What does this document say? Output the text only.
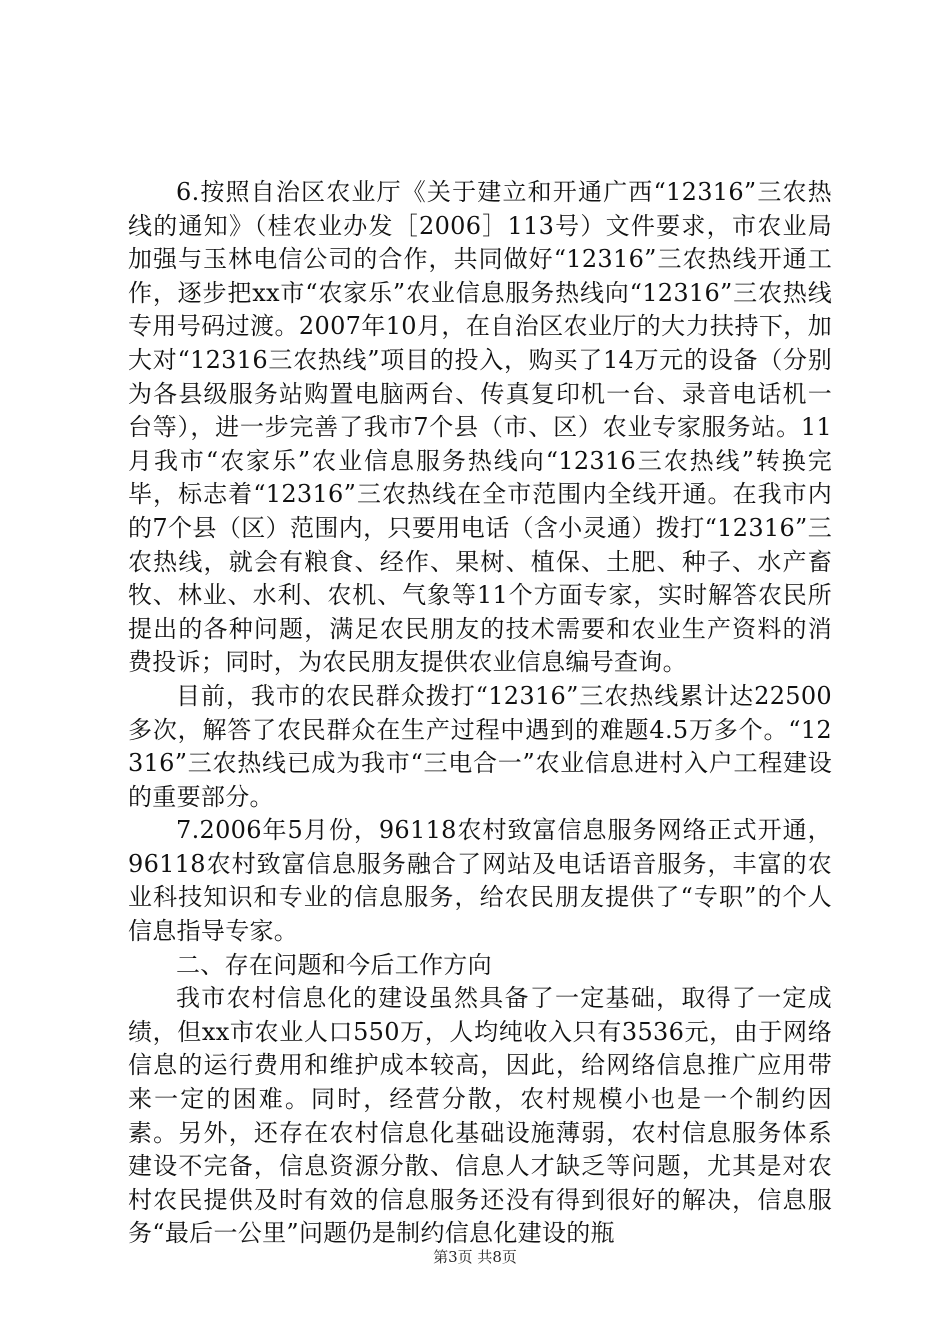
6.按照自治区农业厅《关于建立和开通广西“12316”三农热线的通知》（桂农业办发［2006］113号）文件要求，市农业局加强与玉林电信公司的合作，共同做好“12316”三农热线开通工作，逐步把xx市“农家乐”农业信息服务热线向“12316”三农热线专用号码过渡。2007年10月，在自治区农业厅的大力扶持下，加大对“12316三农热线”项目的投入，购买了14万元的设备（分别为各县级服务站购置电脑两台、传真复印机一台、录音电话机一台等），进一步完善了我市7个县（市、区）农业专家服务站。11月我市“农家乐”农业信息服务热线向“12316三农热线”转换完毕，标志着“12316”三农热线在全市范围内全线开通。在我市内的7个县（区）范围内，只要用电话（含小灵通）拨打“12316”三农热线，就会有粮食、经作、果树、植保、土肥、种子、水产畜牧、林业、水利、农机、气象等11个方面专家，实时解答农民所提出的各种问题，满足农民朋友的技术需要和农业生产资料的消费投诉；同时，为农民朋友提供农业信息编号查询。

目前，我市的农民群众拨打“12316”三农热线累计达22500多次，解答了农民群众在生产过程中遇到的难题4.5万多个。“12316”三农热线已成为我市“三电合一”农业信息进村入户工程建设的重要部分。

7.2006年5月份，96118农村致富信息服务网络正式开通，96118农村致富信息服务融合了网站及电话语音服务，丰富的农业科技知识和专业的信息服务，给农民朋友提供了“专职”的个人信息指导专家。

二、存在问题和今后工作方向

我市农村信息化的建设虽然具备了一定基础，取得了一定成绩，但xx市农业人口550万，人均纯收入只有3536元，由于网络信息的运行费用和维护成本较高，因此，给网络信息推广应用带来一定的困难。同时，经营分散，农村规模小也是一个制约因素。另外，还存在农村信息化基础设施薄弱，农村信息服务体系建设不完备，信息资源分散、信息人才缺乏等问题，尤其是对农村农民提供及时有效的信息服务还没有得到很好的解决，信息服务“最后一公里”问题仍是制约信息化建设的瓶

第3页 共8页
